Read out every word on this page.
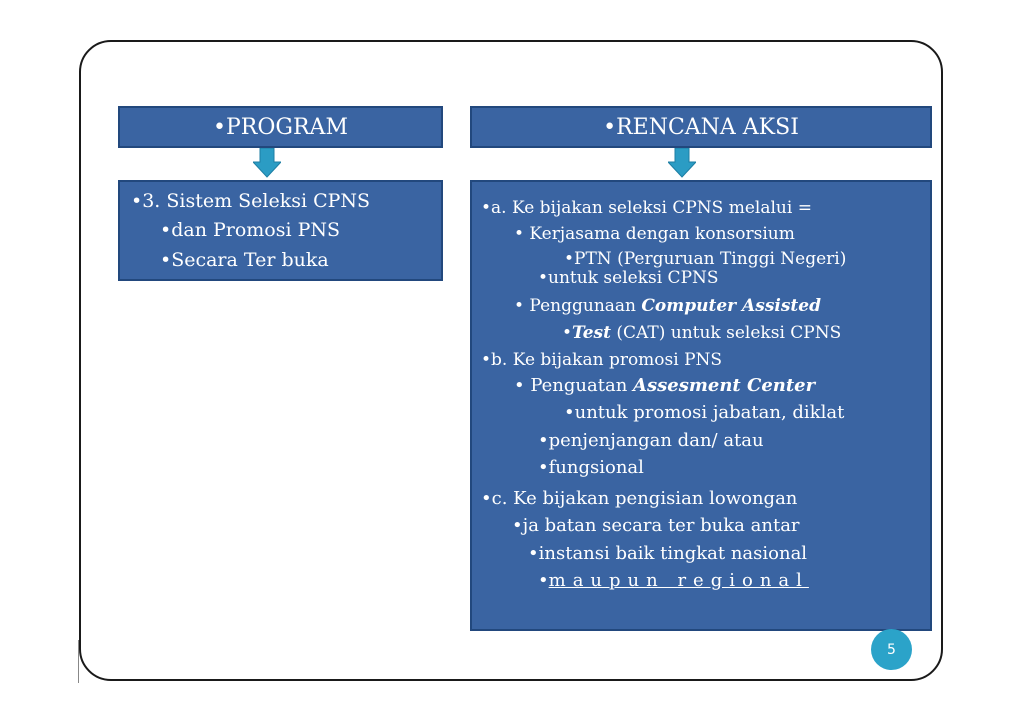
•PROGRAM	•RENCANA AKSI
•3. Sistem Seleksi CPNS
•dan Promosi PNS
•Secara Ter buka
•a. Ke bijakan seleksi CPNS melalui =
• Kerjasama dengan konsorsium
•PTN (Perguruan Tinggi Negeri)
•untuk seleksi CPNS
• Penggunaan Computer Assisted
•Test (CAT) untuk seleksi CPNS
•b. Ke bijakan promosi PNS
• Penguatan Assesment Center
•untuk promosi jabatan, diklat
•penjenjangan dan/ atau
•fungsional
•c. Ke bijakan pengisian lowongan
•ja batan secara ter buka antar
•instansi baik tingkat nasional
•maupun regional
5
